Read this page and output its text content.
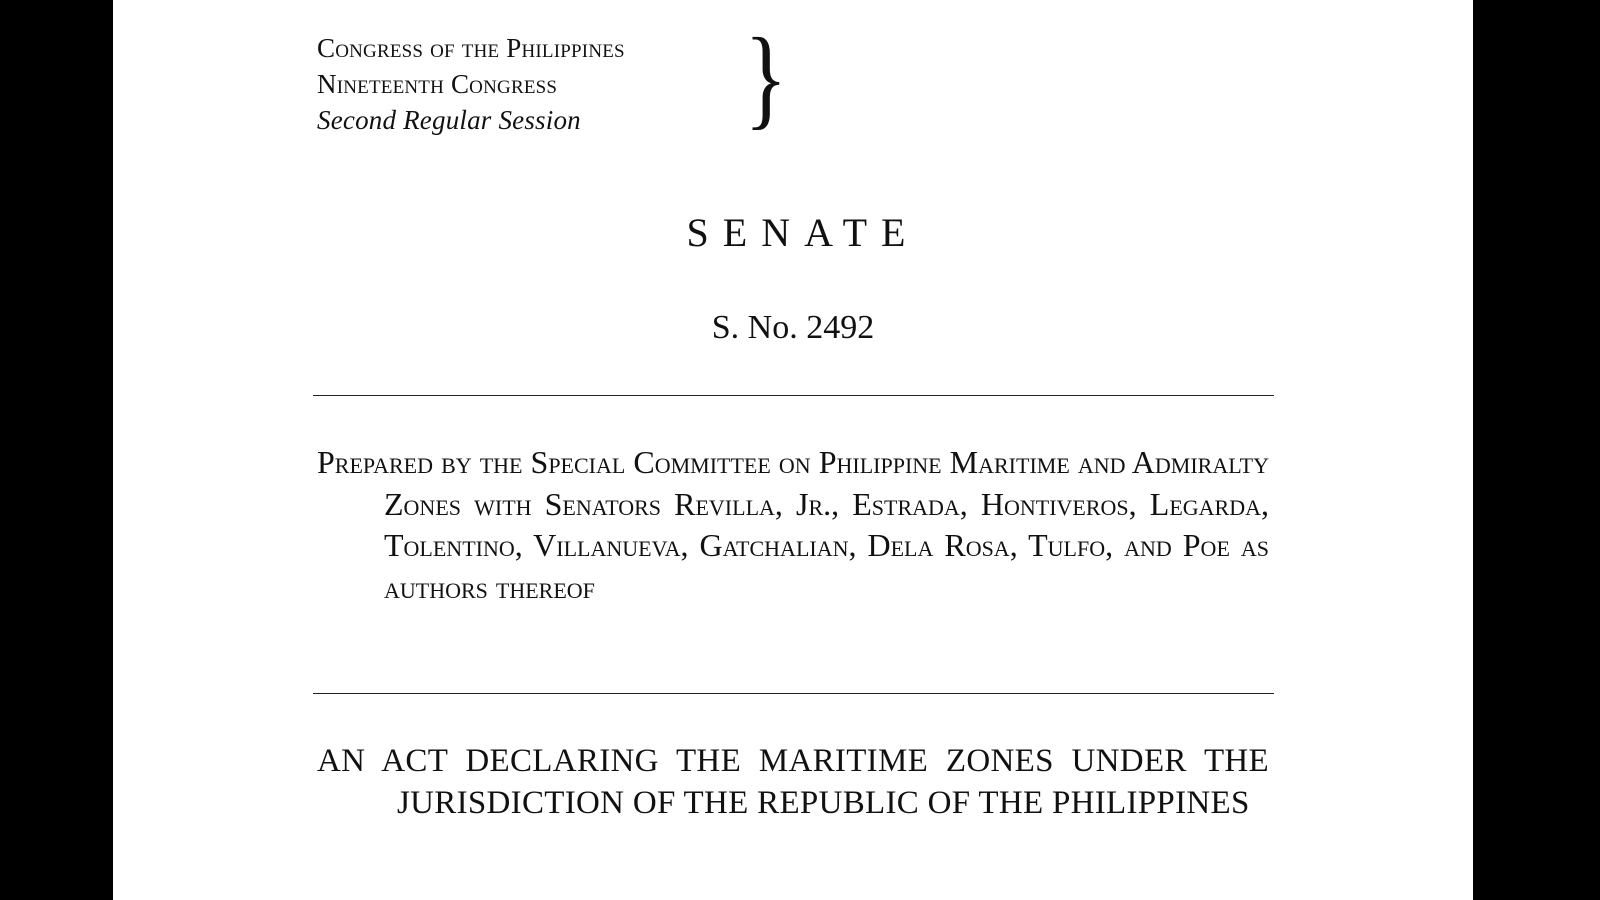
Congress of the Philippines
Nineteenth Congress
Second Regular Session	}
SENATE
S. No. 2492
Prepared by the Special Committee on Philippine Maritime and Admiralty Zones with Senators Revilla, Jr., Estrada, Hontiveros, Legarda, Tolentino, Villanueva, Gatchalian, Dela Rosa, Tulfo, and Poe as authors thereof
AN ACT DECLARING THE MARITIME ZONES UNDER THE JURISDICTION OF THE REPUBLIC OF THE PHILIPPINES
